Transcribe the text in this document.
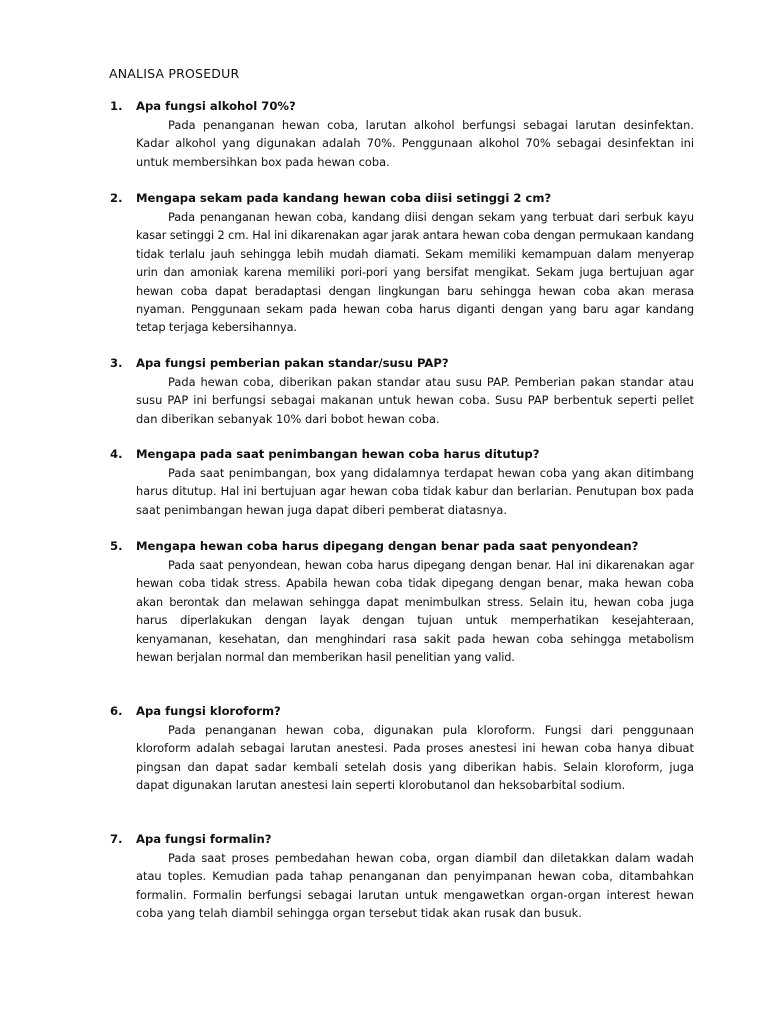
ANALISA PROSEDUR
1.	Apa fungsi alkohol 70%?

Pada penanganan hewan coba, larutan alkohol berfungsi sebagai larutan desinfektan. Kadar alkohol yang digunakan adalah 70%. Penggunaan alkohol 70% sebagai desinfektan ini untuk membersihkan box pada hewan coba.

2.	Mengapa sekam pada kandang hewan coba diisi setinggi 2 cm?

Pada penanganan hewan coba, kandang diisi dengan sekam yang terbuat dari serbuk kayu kasar setinggi 2 cm. Hal ini dikarenakan agar jarak antara hewan coba dengan permukaan kandang tidak terlalu jauh sehingga lebih mudah diamati. Sekam memiliki kemampuan dalam menyerap urin dan amoniak karena memiliki pori-pori yang bersifat mengikat. Sekam juga bertujuan agar hewan coba dapat beradaptasi dengan lingkungan baru sehingga hewan coba akan merasa nyaman. Penggunaan sekam pada hewan coba harus diganti dengan yang baru agar kandang tetap terjaga kebersihannya.

3.	Apa fungsi pemberian pakan standar/susu PAP?

Pada hewan coba, diberikan pakan standar atau susu PAP. Pemberian pakan standar atau susu PAP ini berfungsi sebagai makanan untuk hewan coba. Susu PAP berbentuk seperti pellet dan diberikan sebanyak 10% dari bobot hewan coba.

4.	Mengapa pada saat penimbangan hewan coba harus ditutup?

Pada saat penimbangan, box yang didalamnya terdapat hewan coba yang akan ditimbang harus ditutup. Hal ini bertujuan agar hewan coba tidak kabur dan berlarian. Penutupan box pada saat penimbangan hewan juga dapat diberi pemberat diatasnya.

5.	Mengapa hewan coba harus dipegang dengan benar pada saat penyondean?

Pada saat penyondean, hewan coba harus dipegang dengan benar. Hal ini dikarenakan agar hewan coba tidak stress. Apabila hewan coba tidak dipegang dengan benar, maka hewan coba akan berontak dan melawan sehingga dapat menimbulkan stress. Selain itu, hewan coba juga harus diperlakukan dengan layak dengan tujuan untuk memperhatikan kesejahteraan, kenyamanan, kesehatan, dan menghindari rasa sakit pada hewan coba sehingga metabolism hewan berjalan normal dan memberikan hasil penelitian yang valid.

6.	Apa fungsi kloroform?

Pada penanganan hewan coba, digunakan pula kloroform. Fungsi dari penggunaan kloroform adalah sebagai larutan anestesi. Pada proses anestesi ini hewan coba hanya dibuat pingsan dan dapat sadar kembali setelah dosis yang diberikan habis. Selain kloroform, juga dapat digunakan larutan anestesi lain seperti klorobutanol dan heksobarbital sodium.

7.	Apa fungsi formalin?

Pada saat proses pembedahan hewan coba, organ diambil dan diletakkan dalam wadah atau toples. Kemudian pada tahap penanganan dan penyimpanan hewan coba, ditambahkan formalin. Formalin berfungsi sebagai larutan untuk mengawetkan organ-organ interest hewan coba yang telah diambil sehingga organ tersebut tidak akan rusak dan busuk.
